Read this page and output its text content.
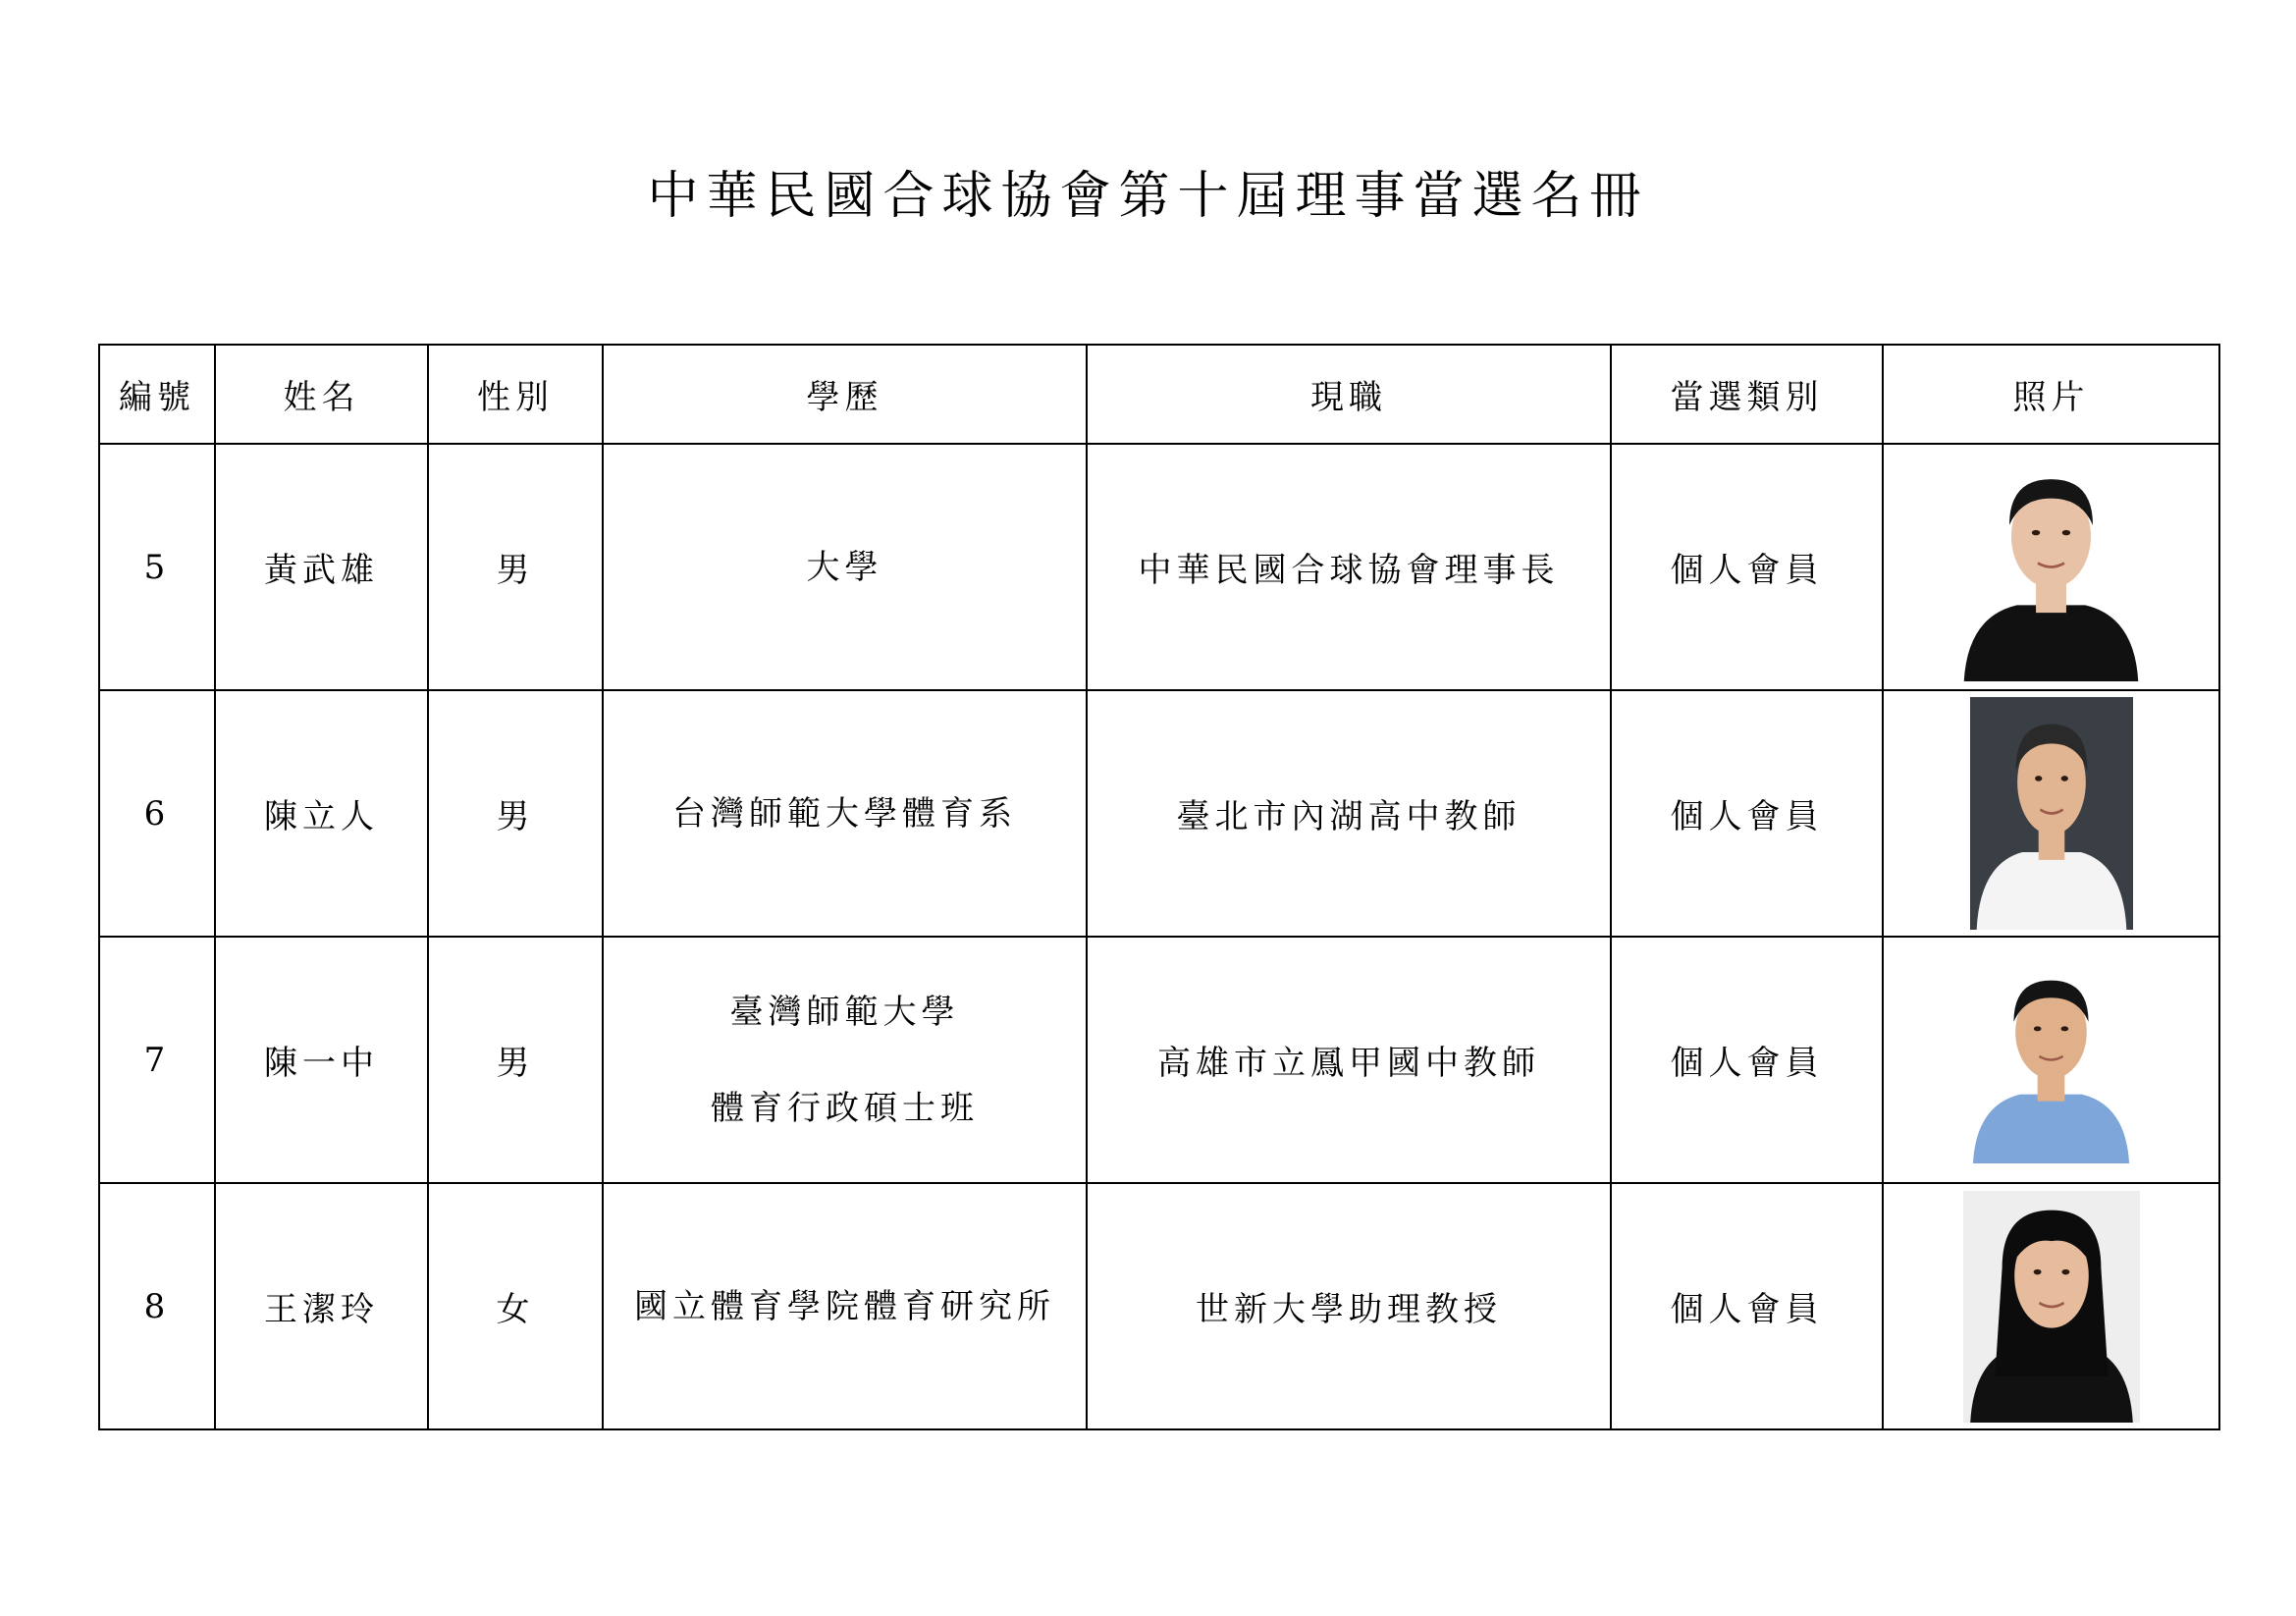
中華民國合球協會第十屆理事當選名冊
編號	姓名	性別	學歷	現職	當選類別	照片
5	黃武雄	男	大學	中華民國合球協會理事長	個人會員	

6	陳立人	男	台灣師範大學體育系	臺北市內湖高中教師	個人會員	

7	陳一中	男	臺灣師範大學
體育行政碩士班	高雄市立鳳甲國中教師	個人會員	

8	王潔玲	女	國立體育學院體育研究所	世新大學助理教授	個人會員	
